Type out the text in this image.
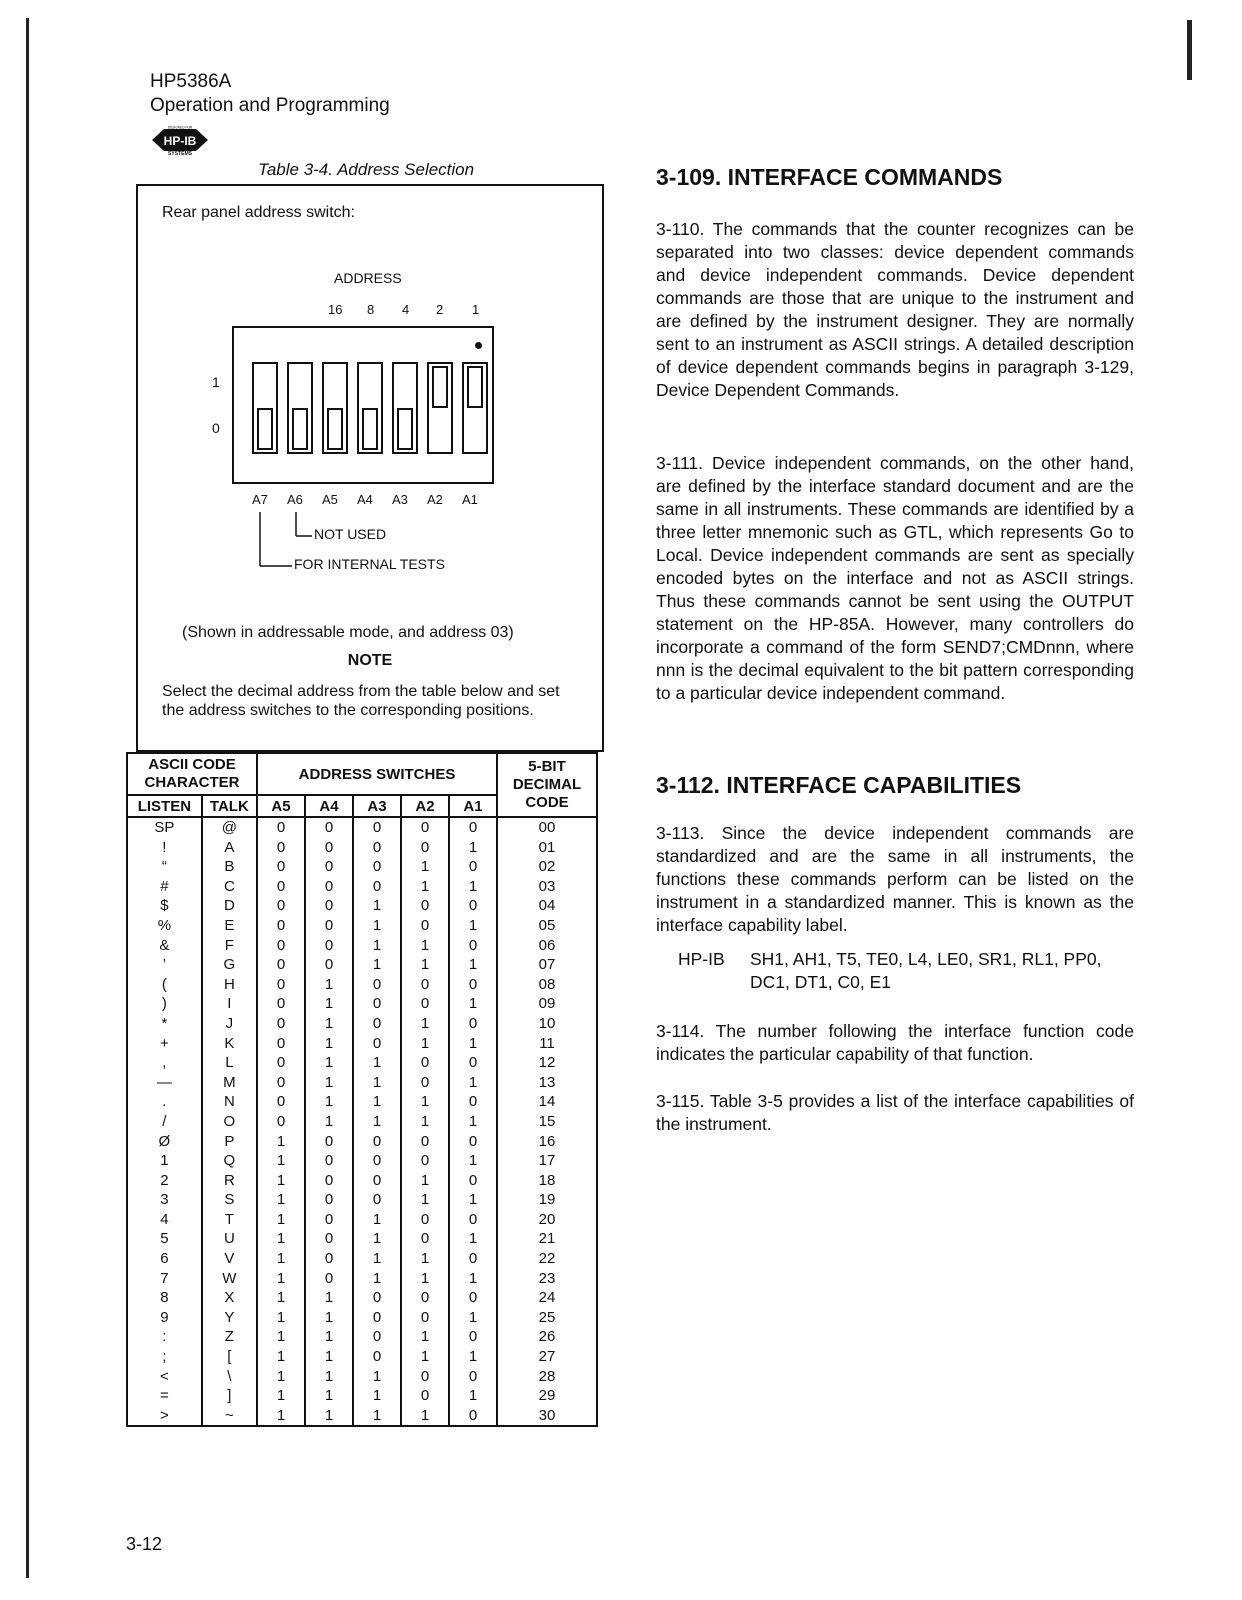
HP5386A
Operation and Programming
HP-IB
SYSTEMS
DESIGNED FOR
Table 3-4. Address Selection
Rear panel address switch:
ADDRESS
16 8 4 2 1
1
0
A7 A6 A5 A4 A3 A2 A1
NOT USED
FOR INTERNAL TESTS
(Shown in addressable mode, and address 03)
NOTE
Select the decimal address from the table below and set the address switches to the corresponding positions.
ASCII CODE CHARACTER		ADDRESS SWITCHES					5-BIT DECIMAL CODE
LISTEN	TALK	A5	A4	A3	A2	A1	
SP	@	0	0	0	0	0	00
!	A	0	0	0	0	1	01
“	B	0	0	0	1	0	02
#	C	0	0	0	1	1	03
$	D	0	0	1	0	0	04
%	E	0	0	1	0	1	05
&	F	0	0	1	1	0	06
’	G	0	0	1	1	1	07
(	H	0	1	0	0	0	08
)	I	0	1	0	0	1	09
*	J	0	1	0	1	0	10
+	K	0	1	0	1	1	11
,	L	0	1	1	0	0	12
—	M	0	1	1	0	1	13
.	N	0	1	1	1	0	14
/	O	0	1	1	1	1	15
Ø	P	1	0	0	0	0	16
1	Q	1	0	0	0	1	17
2	R	1	0	0	1	0	18
3	S	1	0	0	1	1	19
4	T	1	0	1	0	0	20
5	U	1	0	1	0	1	21
6	V	1	0	1	1	0	22
7	W	1	0	1	1	1	23
8	X	1	1	0	0	0	24
9	Y	1	1	0	0	1	25
:	Z	1	1	0	1	0	26
;	[	1	1	0	1	1	27
<	\	1	1	1	0	0	28
=	]	1	1	1	0	1	29
>	~	1	1	1	1	0	30
3-109. INTERFACE COMMANDS
3-110. The commands that the counter recognizes can be separated into two classes: device dependent commands and device independent commands. Device dependent commands are those that are unique to the instrument and are defined by the instrument designer. They are normally sent to an instrument as ASCII strings. A detailed description of device dependent commands begins in paragraph 3-129, Device Dependent Commands.
3-111. Device independent commands, on the other hand, are defined by the interface standard document and are the same in all instruments. These commands are identified by a three letter mnemonic such as GTL, which represents Go to Local. Device independent commands are sent as specially encoded bytes on the interface and not as ASCII strings. Thus these commands cannot be sent using the OUTPUT statement on the HP-85A. However, many controllers do incorporate a command of the form SEND7;CMDnnn, where nnn is the decimal equivalent to the bit pattern corresponding to a particular device independent command.
3-112. INTERFACE CAPABILITIES
3-113. Since the device independent commands are standardized and are the same in all instruments, the functions these commands perform can be listed on the instrument in a standardized manner. This is known as the interface capability label.
HP-IB SH1, AH1, T5, TE0, L4, LE0, SR1, RL1, PP0, DC1, DT1, C0, E1
3-114. The number following the interface function code indicates the particular capability of that function.
3-115. Table 3-5 provides a list of the interface capabilities of the instrument.
3-12
